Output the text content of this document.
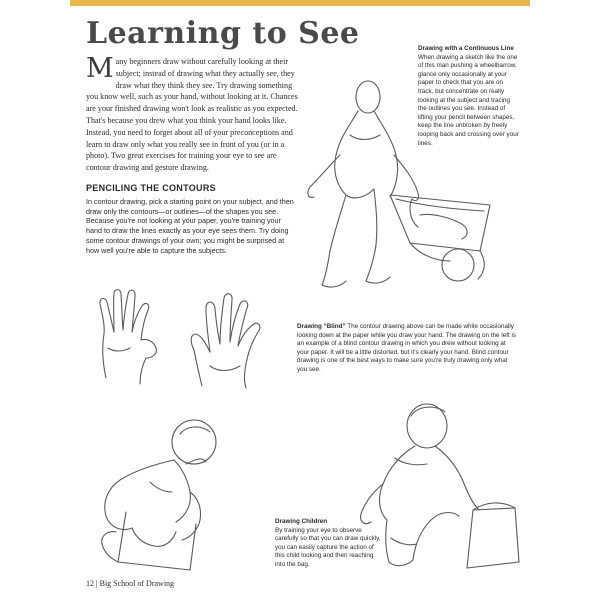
Learning to See

Many beginners draw without carefully looking at their subject; instead of drawing what they actually see, they draw what they think they see. Try drawing something you know well, such as your hand, without looking at it. Chances are your finished drawing won't look as realistic as you expected. That's because you drew what you think your hand looks like. Instead, you need to forget about all of your preconceptions and learn to draw only what you really see in front of you (or in a photo). Two great exercises for training your eye to see are contour drawing and gesture drawing.

PENCILING THE CONTOURS

In contour drawing, pick a starting point on your subject, and then draw only the contours—or outlines—of the shapes you see. Because you're not looking at your paper, you're training your hand to draw the lines exactly as your eye sees them. Try doing some contour drawings of your own; you might be surprised at how well you're able to capture the subjects.

Drawing with a Continuous Line When drawing a sketch like the one of this man pushing a wheelbarrow, glance only occasionally at your paper to check that you are on track, but concentrate on really looking at the subject and tracing the outlines you see. Instead of lifting your pencil between shapes, keep the line unbroken by freely looping back and crossing over your lines.

Drawing “Blind” The contour drawing above can be made while occasionally looking down at the paper while you draw your hand. The drawing on the left is an example of a blind contour drawing in which you drew without looking at your paper. It will be a little distorted, but it's clearly your hand. Blind contour drawing is one of the best ways to make sure you're truly drawing only what you see.

Drawing Children
By training your eye to observe carefully so that you can draw quickly, you can easily capture the action of this child looking and then reaching into the bag.

12 | Big School of Drawing
